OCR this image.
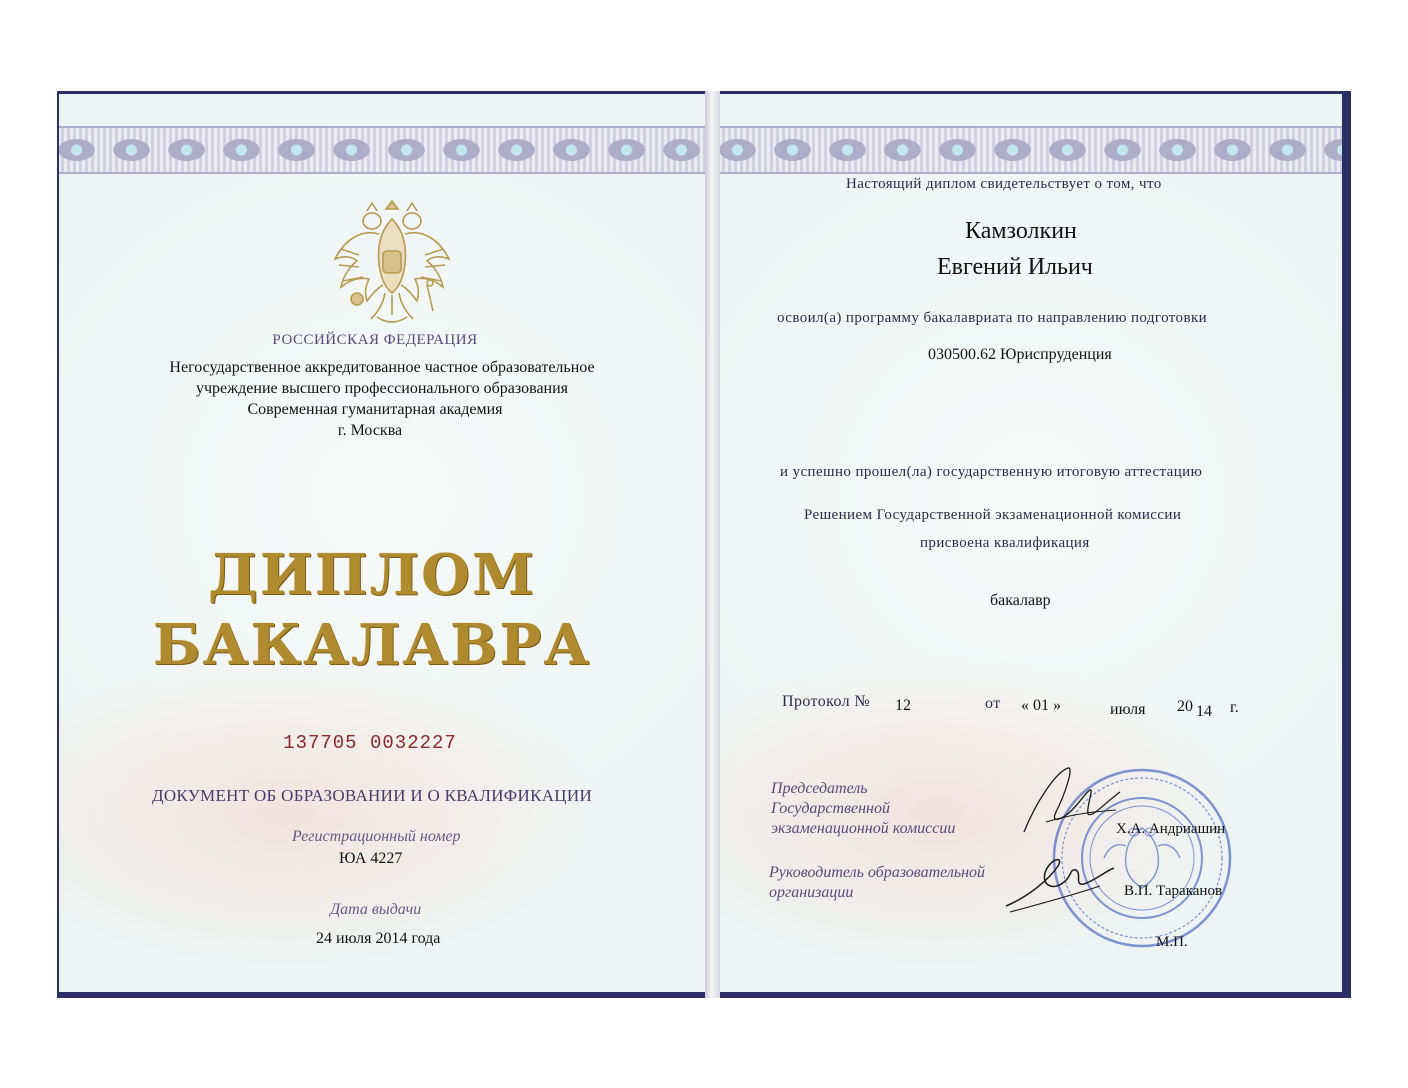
РОССИЙСКАЯ ФЕДЕРАЦИЯ
Негосударственное аккредитованное частное образовательное
учреждение высшего профессионального образования
Современная гуманитарная академия
г. Москва
ДИПЛОМ
БАКАЛАВРА
137705 0032227
ДОКУМЕНТ ОБ ОБРАЗОВАНИИ И О КВАЛИФИКАЦИИ
Регистрационный номер
ЮА 4227
Дата выдачи
24 июля 2014 года
Настоящий диплом свидетельствует о том, что
Камзолкин
Евгений Ильич
освоил(а) программу бакалавриата по направлению подготовки
030500.62 Юриспруденция
и успешно прошел(ла) государственную итоговую аттестацию
Решением Государственной экзаменационной комиссии
присвоена квалификация
бакалавр
Протокол № 12	от « 01 »	июля 20 14 г.
Председатель
Государственной
экзаменационной комиссии	Х.А. Андриашин
Руководитель образовательной
организации	В.П. Тараканов
М.П.
